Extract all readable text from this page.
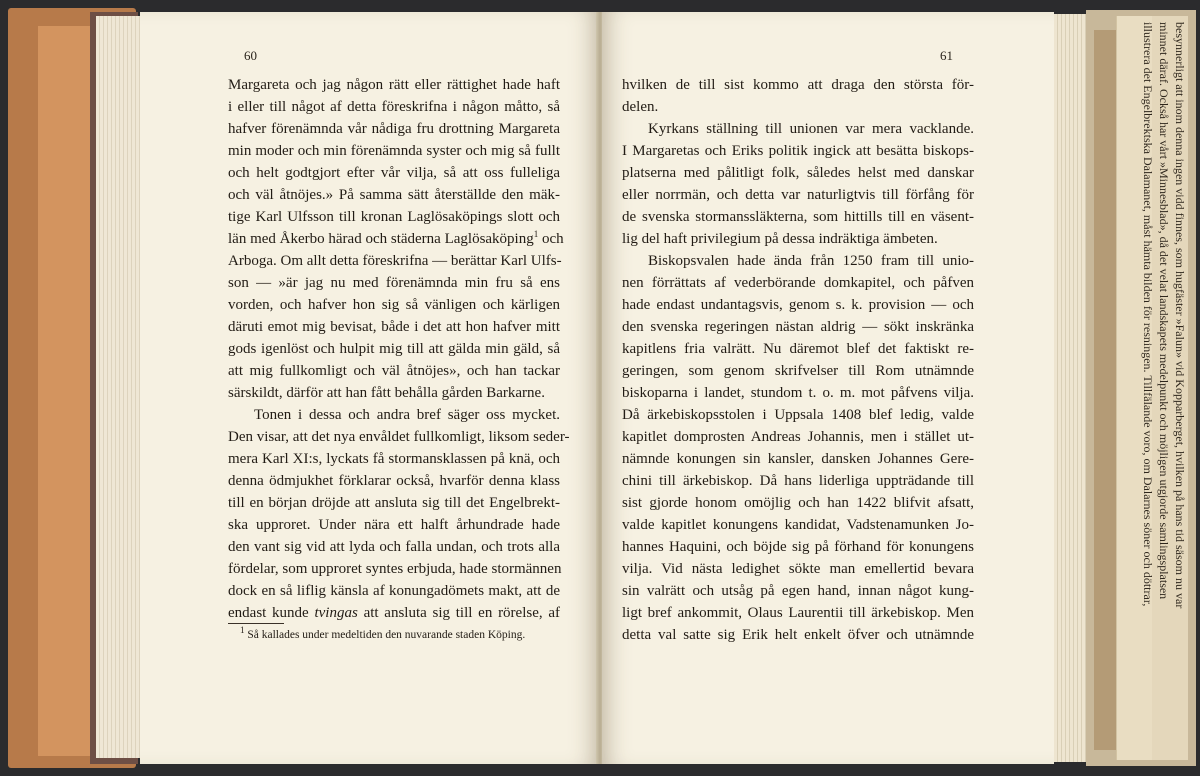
60
Margareta och jag någon rätt eller rättighet hade haft
i eller till något af detta föreskrifna i någon måtto, så
hafver förenämnda vår nådiga fru drottning Margareta
min moder och min förenämnda syster och mig så fullt
och helt godtgjort efter vår vilja, så att oss fulleliga
och väl åtnöjes.» På samma sätt återställde den mäk-
tige Karl Ulfsson till kronan Laglösaköpings slott och
län med Åkerbo härad och städerna Laglösaköping$^1$ och
Arboga. Om allt detta föreskrifna — berättar Karl Ulfs-
son — »är jag nu med förenämnda min fru så ens
vorden, och hafver hon sig så vänligen och kärligen
däruti emot mig bevisat, både i det att hon hafver mitt
gods igenlöst och hulpit mig till att gälda min gäld, så
att mig fullkomligt och väl åtnöjes», och han tackar
särskildt, därför att han fått behålla gården Barkarne.
Tonen i dessa och andra bref säger oss mycket.
Den visar, att det nya envåldet fullkomligt, liksom seder-
mera Karl XI:s, lyckats få stormansklassen på knä, och
denna ödmjukhet förklarar också, hvarför denna klass
till en början dröjde att ansluta sig till det Engelbrekt-
ska upproret. Under nära ett halft århundrade hade
den vant sig vid att lyda och falla undan, och trots alla
fördelar, som upproret syntes erbjuda, hade stormännen
dock en så liflig känsla af konungadömets makt, att de
endast kunde tvingas att ansluta sig till en rörelse, af
$^1$ Så kallades under medeltiden den nuvarande staden Köping.
61
hvilken de till sist kommo att draga den största för-
delen.
Kyrkans ställning till unionen var mera vacklande.
I Margaretas och Eriks politik ingick att besätta biskops-
platserna med pålitligt folk, således helst med danskar
eller norrmän, och detta var naturligtvis till förfång för
de svenska stormanssläkterna, som hittills till en väsent-
lig del haft privilegium på dessa indräktiga ämbeten.
Biskopsvalen hade ända från 1250 fram till unio-
nen förrättats af vederbörande domkapitel, och påfven
hade endast undantagsvis, genom s. k. provision — och
den svenska regeringen nästan aldrig — sökt inskränka
kapitlens fria valrätt. Nu däremot blef det faktiskt re-
geringen, som genom skrifvelser till Rom utnämnde
biskoparna i landet, stundom t. o. m. mot påfvens vilja.
Då ärkebiskopsstolen i Uppsala 1408 blef ledig, valde
kapitlet domprosten Andreas Johannis, men i stället ut-
nämnde konungen sin kansler, dansken Johannes Gere-
chini till ärkebiskop. Då hans liderliga uppträdande till
sist gjorde honom omöjlig och han 1422 blifvit afsatt,
valde kapitlet konungens kandidat, Vadstenamunken Jo-
hannes Haquini, och böjde sig på förhand för konungens
vilja. Vid nästa ledighet sökte man emellertid bevara
sin valrätt och utsåg på egen hand, innan något kung-
ligt bref ankommit, Olaus Laurentii till ärkebiskop. Men
detta val satte sig Erik helt enkelt öfver och utnämnde
besynnerligt att inom denna ingen vidd finnes, som hugfäster »Falun» vid Kopparberget, hvilken på hans tid säsom nu var
minnet däraf. Också har vårt »Minnesblad», då det velat landskapets medelpunkt och möjligen utgjorde samlingsplatsen
illustrera det Engelbrektska Dalamanet, måst hämta bilden för resningen. Tillfälande voro, om Dalarnes söner och döttrar,
